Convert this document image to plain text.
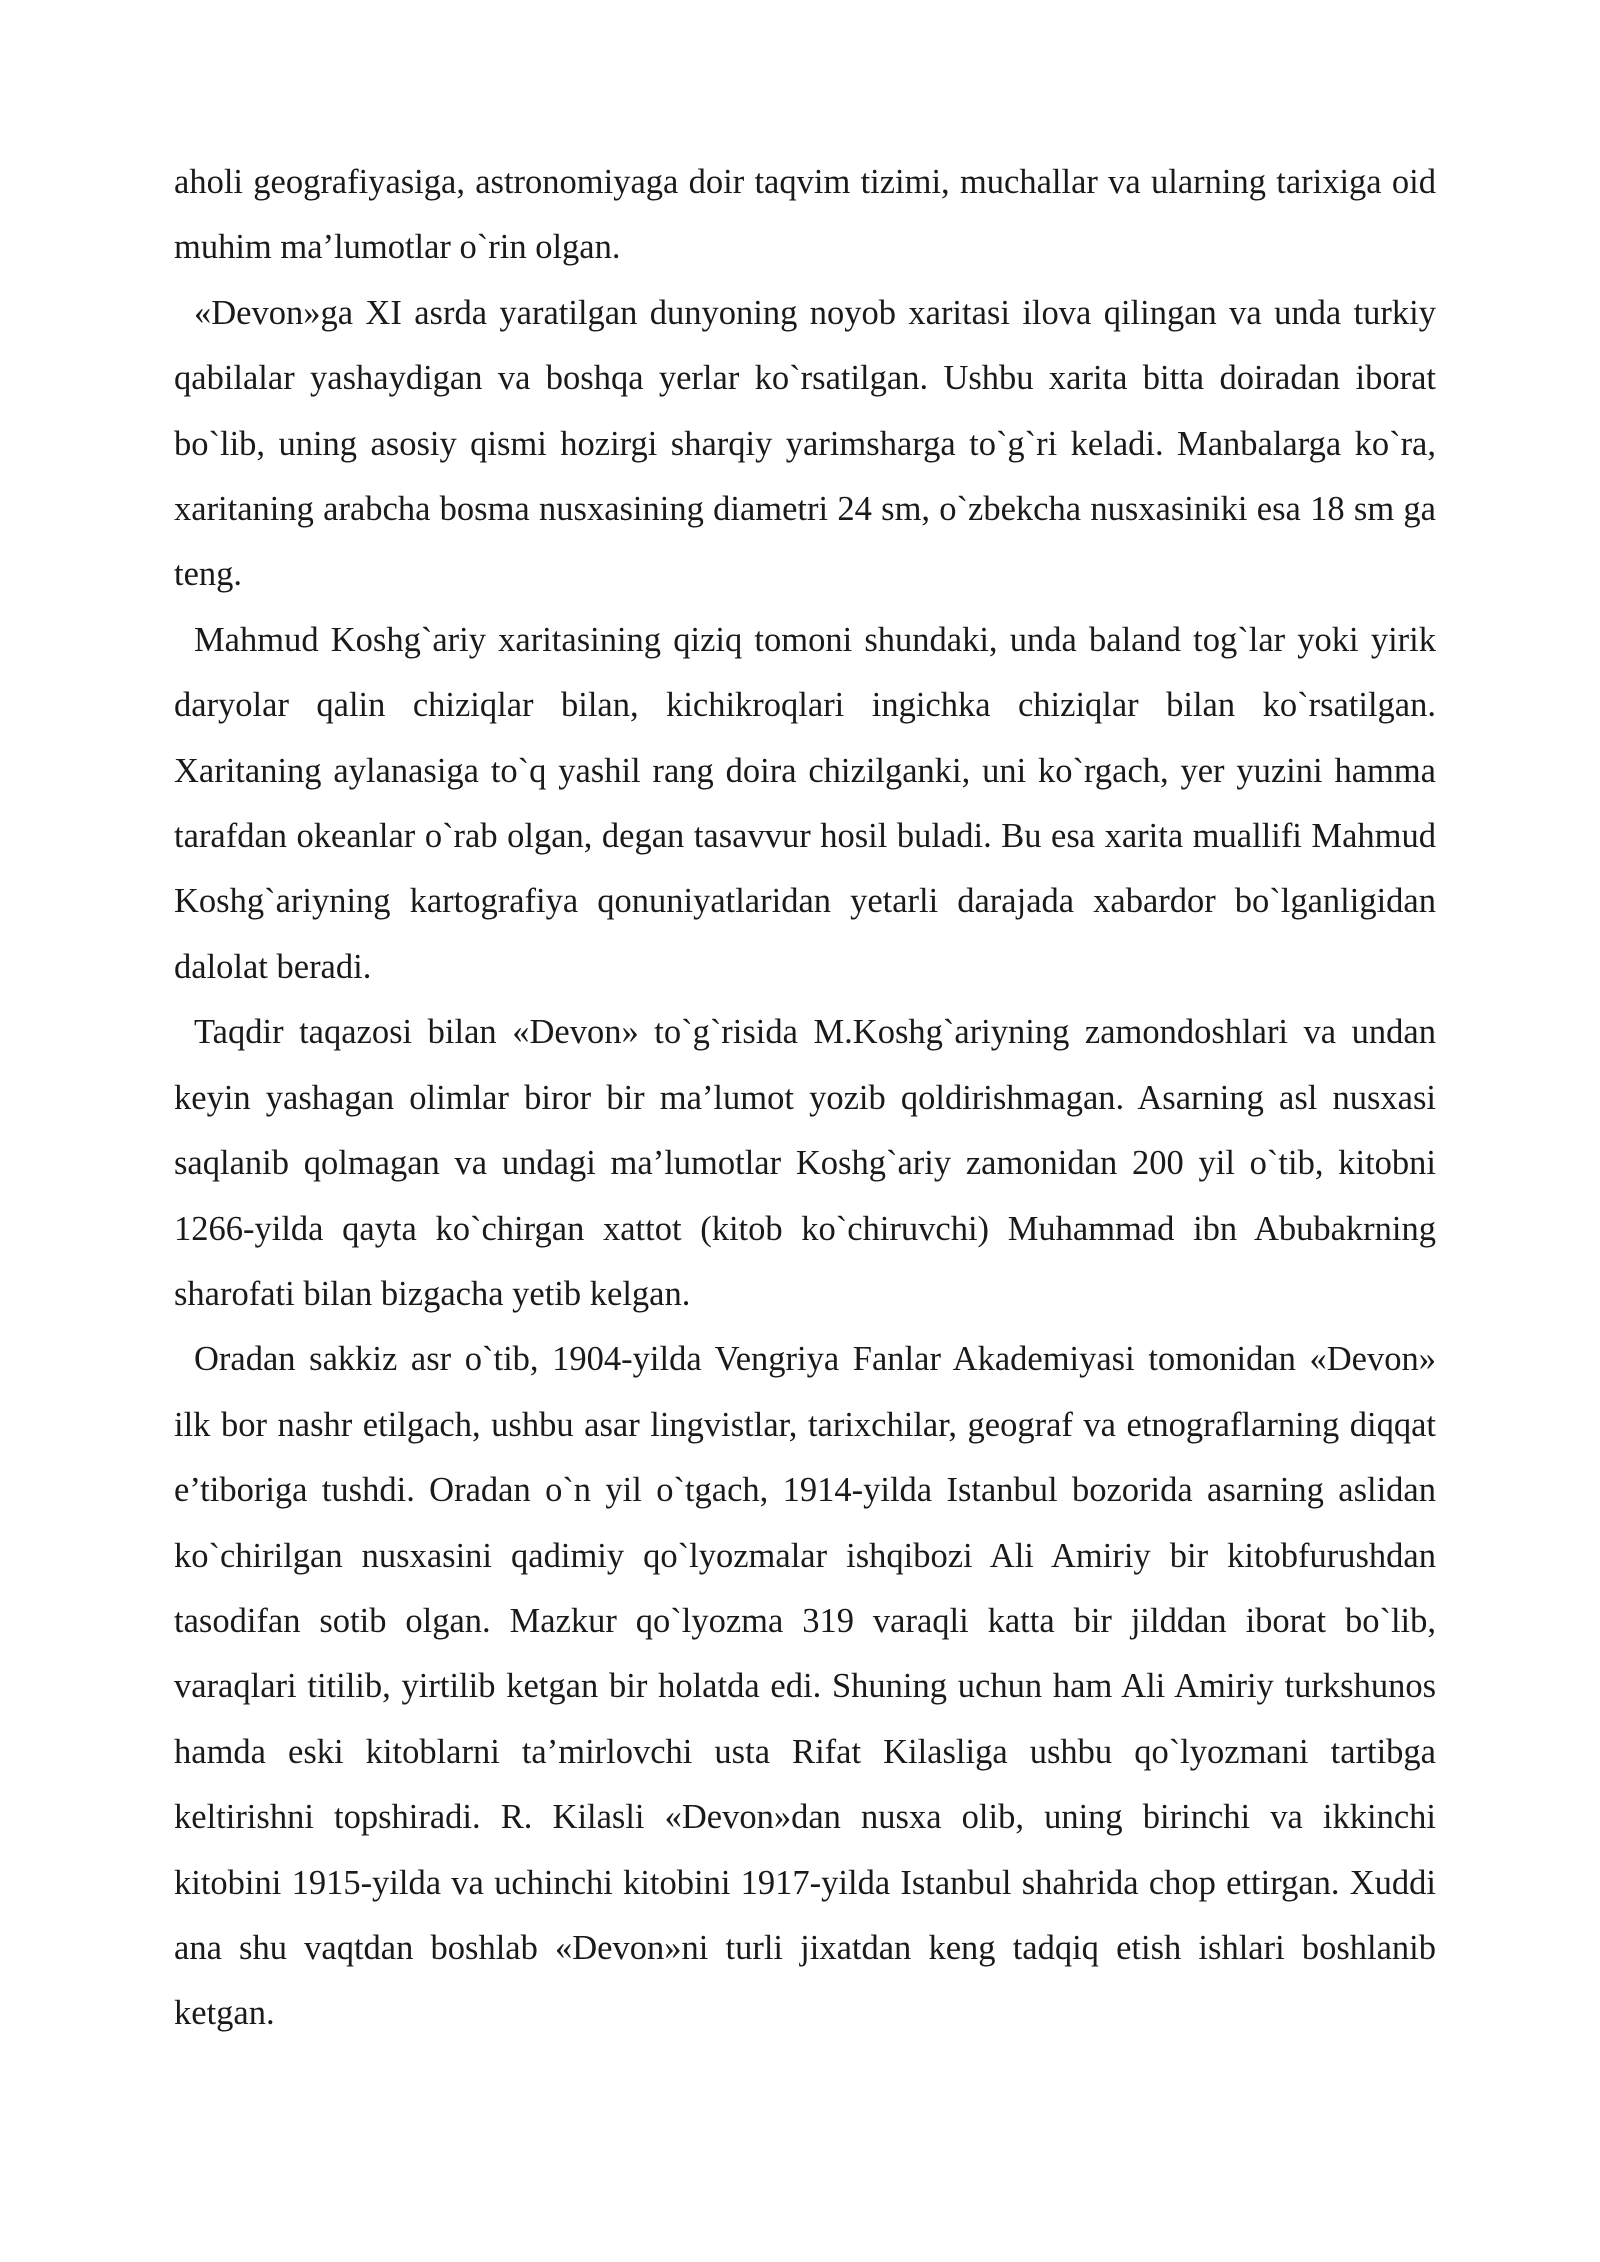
aholi geografiyasiga, astronomiyaga doir taqvim tizimi, muchallar va ularning tarixiga oid muhim ma’lumotlar o`rin olgan.

«Devon»ga XI asrda yaratilgan dunyoning noyob xaritasi ilova qilingan va unda turkiy qabilalar yashaydigan va boshqa yerlar ko`rsatilgan. Ushbu xarita bitta doiradan iborat bo`lib, uning asosiy qismi hozirgi sharqiy yarimsharga to`g`ri keladi. Manbalarga ko`ra, xaritaning arabcha bosma nusxasining diametri 24 sm, o`zbekcha nusxasiniki esa 18 sm ga teng.

Mahmud Koshg`ariy xaritasining qiziq tomoni shundaki, unda baland tog`lar yoki yirik daryolar qalin chiziqlar bilan, kichikroqlari ingichka chiziqlar bilan ko`rsatilgan. Xaritaning aylanasiga to`q yashil rang doira chizilganki, uni ko`rgach, yer yuzini hamma tarafdan okeanlar o`rab olgan, degan tasavvur hosil buladi. Bu esa xarita muallifi Mahmud Koshg`ariyning kartografiya qonuniyatlaridan yetarli darajada xabardor bo`lganligidan dalolat beradi.

Taqdir taqazosi bilan «Devon» to`g`risida M.Koshg`ariyning zamondoshlari va undan keyin yashagan olimlar biror bir ma’lumot yozib qoldirishmagan. Asarning asl nusxasi saqlanib qolmagan va undagi ma’lumotlar Koshg`ariy zamonidan 200 yil o`tib, kitobni 1266-yilda qayta ko`chirgan xattot (kitob ko`chiruvchi) Muhammad ibn Abubakrning sharofati bilan bizgacha yetib kelgan.

Oradan sakkiz asr o`tib, 1904-yilda Vengriya Fanlar Akademiyasi tomonidan «Devon» ilk bor nashr etilgach, ushbu asar lingvistlar, tarixchilar, geograf va etnograflarning diqqat e’tiboriga tushdi. Oradan o`n yil o`tgach, 1914-yilda Istanbul bozorida asarning aslidan ko`chirilgan nusxasini qadimiy qo`lyozmalar ishqibozi Ali Amiriy bir kitobfurushdan tasodifan sotib olgan. Mazkur qo`lyozma 319 varaqli katta bir jilddan iborat bo`lib, varaqlari titilib, yirtilib ketgan bir holatda edi. Shuning uchun ham Ali Amiriy turkshunos hamda eski kitoblarni ta’mirlovchi usta Rifat Kilasliga ushbu qo`lyozmani tartibga keltirishni topshiradi. R. Kilasli «Devon»dan nusxa olib, uning birinchi va ikkinchi kitobini 1915-yilda va uchinchi kitobini 1917-yilda Istanbul shahrida chop ettirgan. Xuddi ana shu vaqtdan boshlab «Devon»ni turli jixatdan keng tadqiq etish ishlari boshlanib ketgan.
